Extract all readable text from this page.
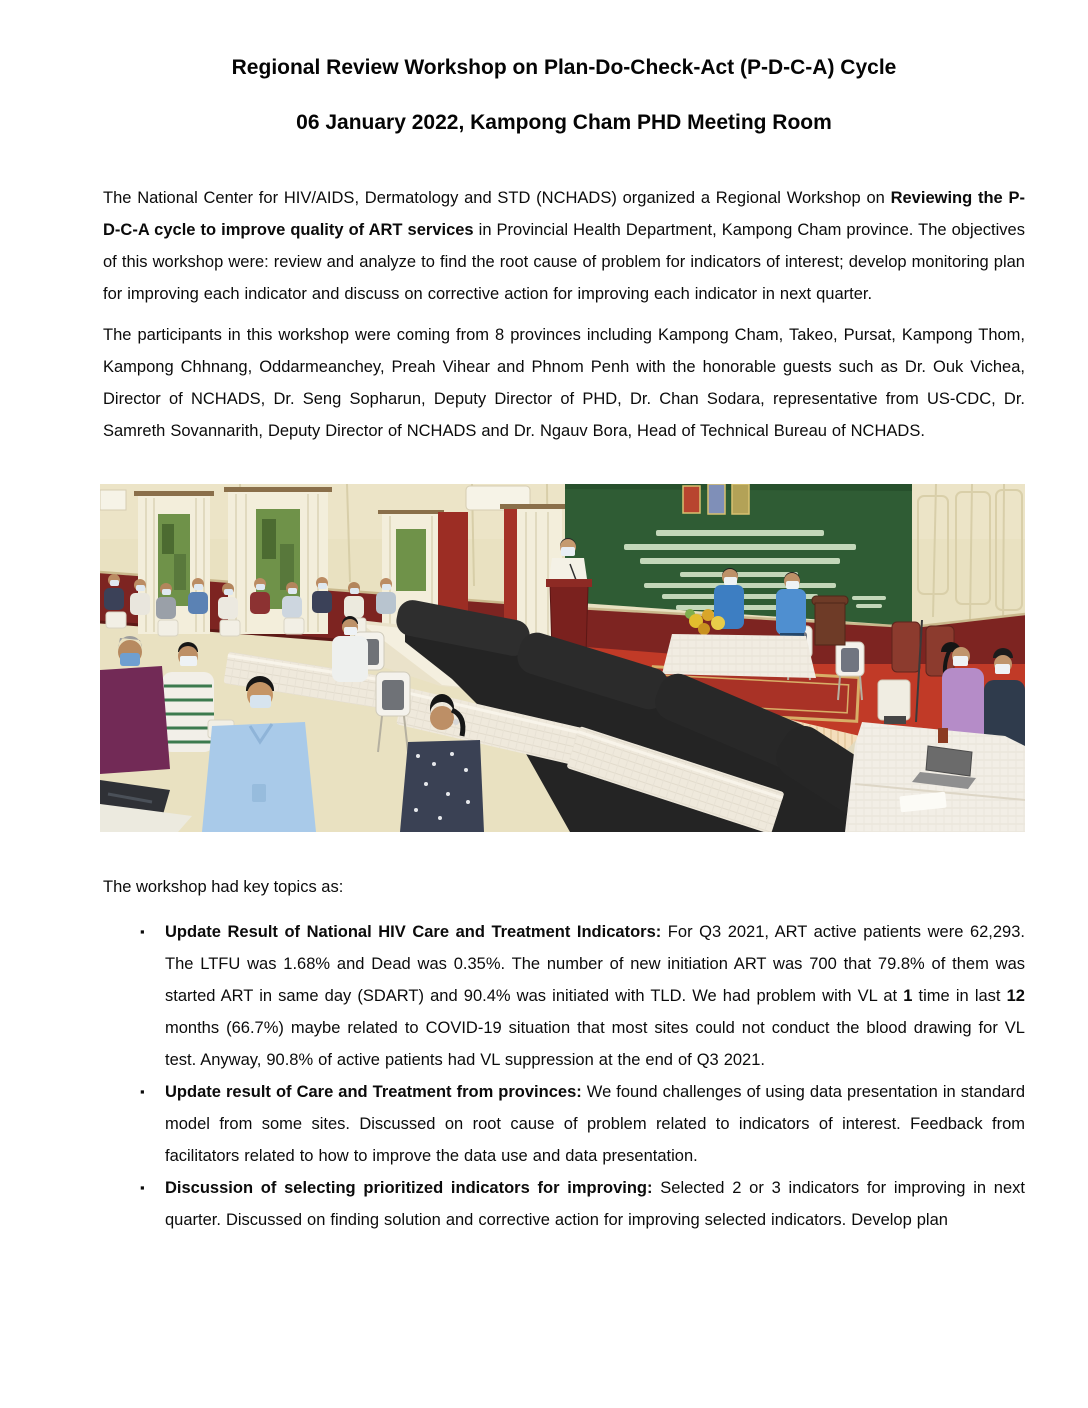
Regional Review Workshop on Plan-Do-Check-Act (P-D-C-A) Cycle
06 January 2022, Kampong Cham PHD Meeting Room

The National Center for HIV/AIDS, Dermatology and STD (NCHADS) organized a Regional Workshop on Reviewing the P-D-C-A cycle to improve quality of ART services in Provincial Health Department, Kampong Cham province. The objectives of this workshop were: review and analyze to find the root cause of problem for indicators of interest; develop monitoring plan for improving each indicator and discuss on corrective action for improving each indicator in next quarter.

The participants in this workshop were coming from 8 provinces including Kampong Cham, Takeo, Pursat, Kampong Thom, Kampong Chhnang, Oddarmeanchey, Preah Vihear and Phnom Penh with the honorable guests such as Dr. Ouk Vichea, Director of NCHADS, Dr. Seng Sopharun, Deputy Director of PHD, Dr. Chan Sodara, representative from US-CDC, Dr. Samreth Sovannarith, Deputy Director of NCHADS and Dr. Ngauv Bora, Head of Technical Bureau of NCHADS.

The workshop had key topics as:

▪ Update Result of National HIV Care and Treatment Indicators: For Q3 2021, ART active patients were 62,293. The LTFU was 1.68% and Dead was 0.35%. The number of new initiation ART was 700 that 79.8% of them was started ART in same day (SDART) and 90.4% was initiated with TLD. We had problem with VL at 1 time in last 12 months (66.7%) maybe related to COVID-19 situation that most sites could not conduct the blood drawing for VL test. Anyway, 90.8% of active patients had VL suppression at the end of Q3 2021.
▪ Update result of Care and Treatment from provinces: We found challenges of using data presentation in standard model from some sites. Discussed on root cause of problem related to indicators of interest. Feedback from facilitators related to how to improve the data use and data presentation.
▪ Discussion of selecting prioritized indicators for improving: Selected 2 or 3 indicators for improving in next quarter. Discussed on finding solution and corrective action for improving selected indicators. Develop plan
